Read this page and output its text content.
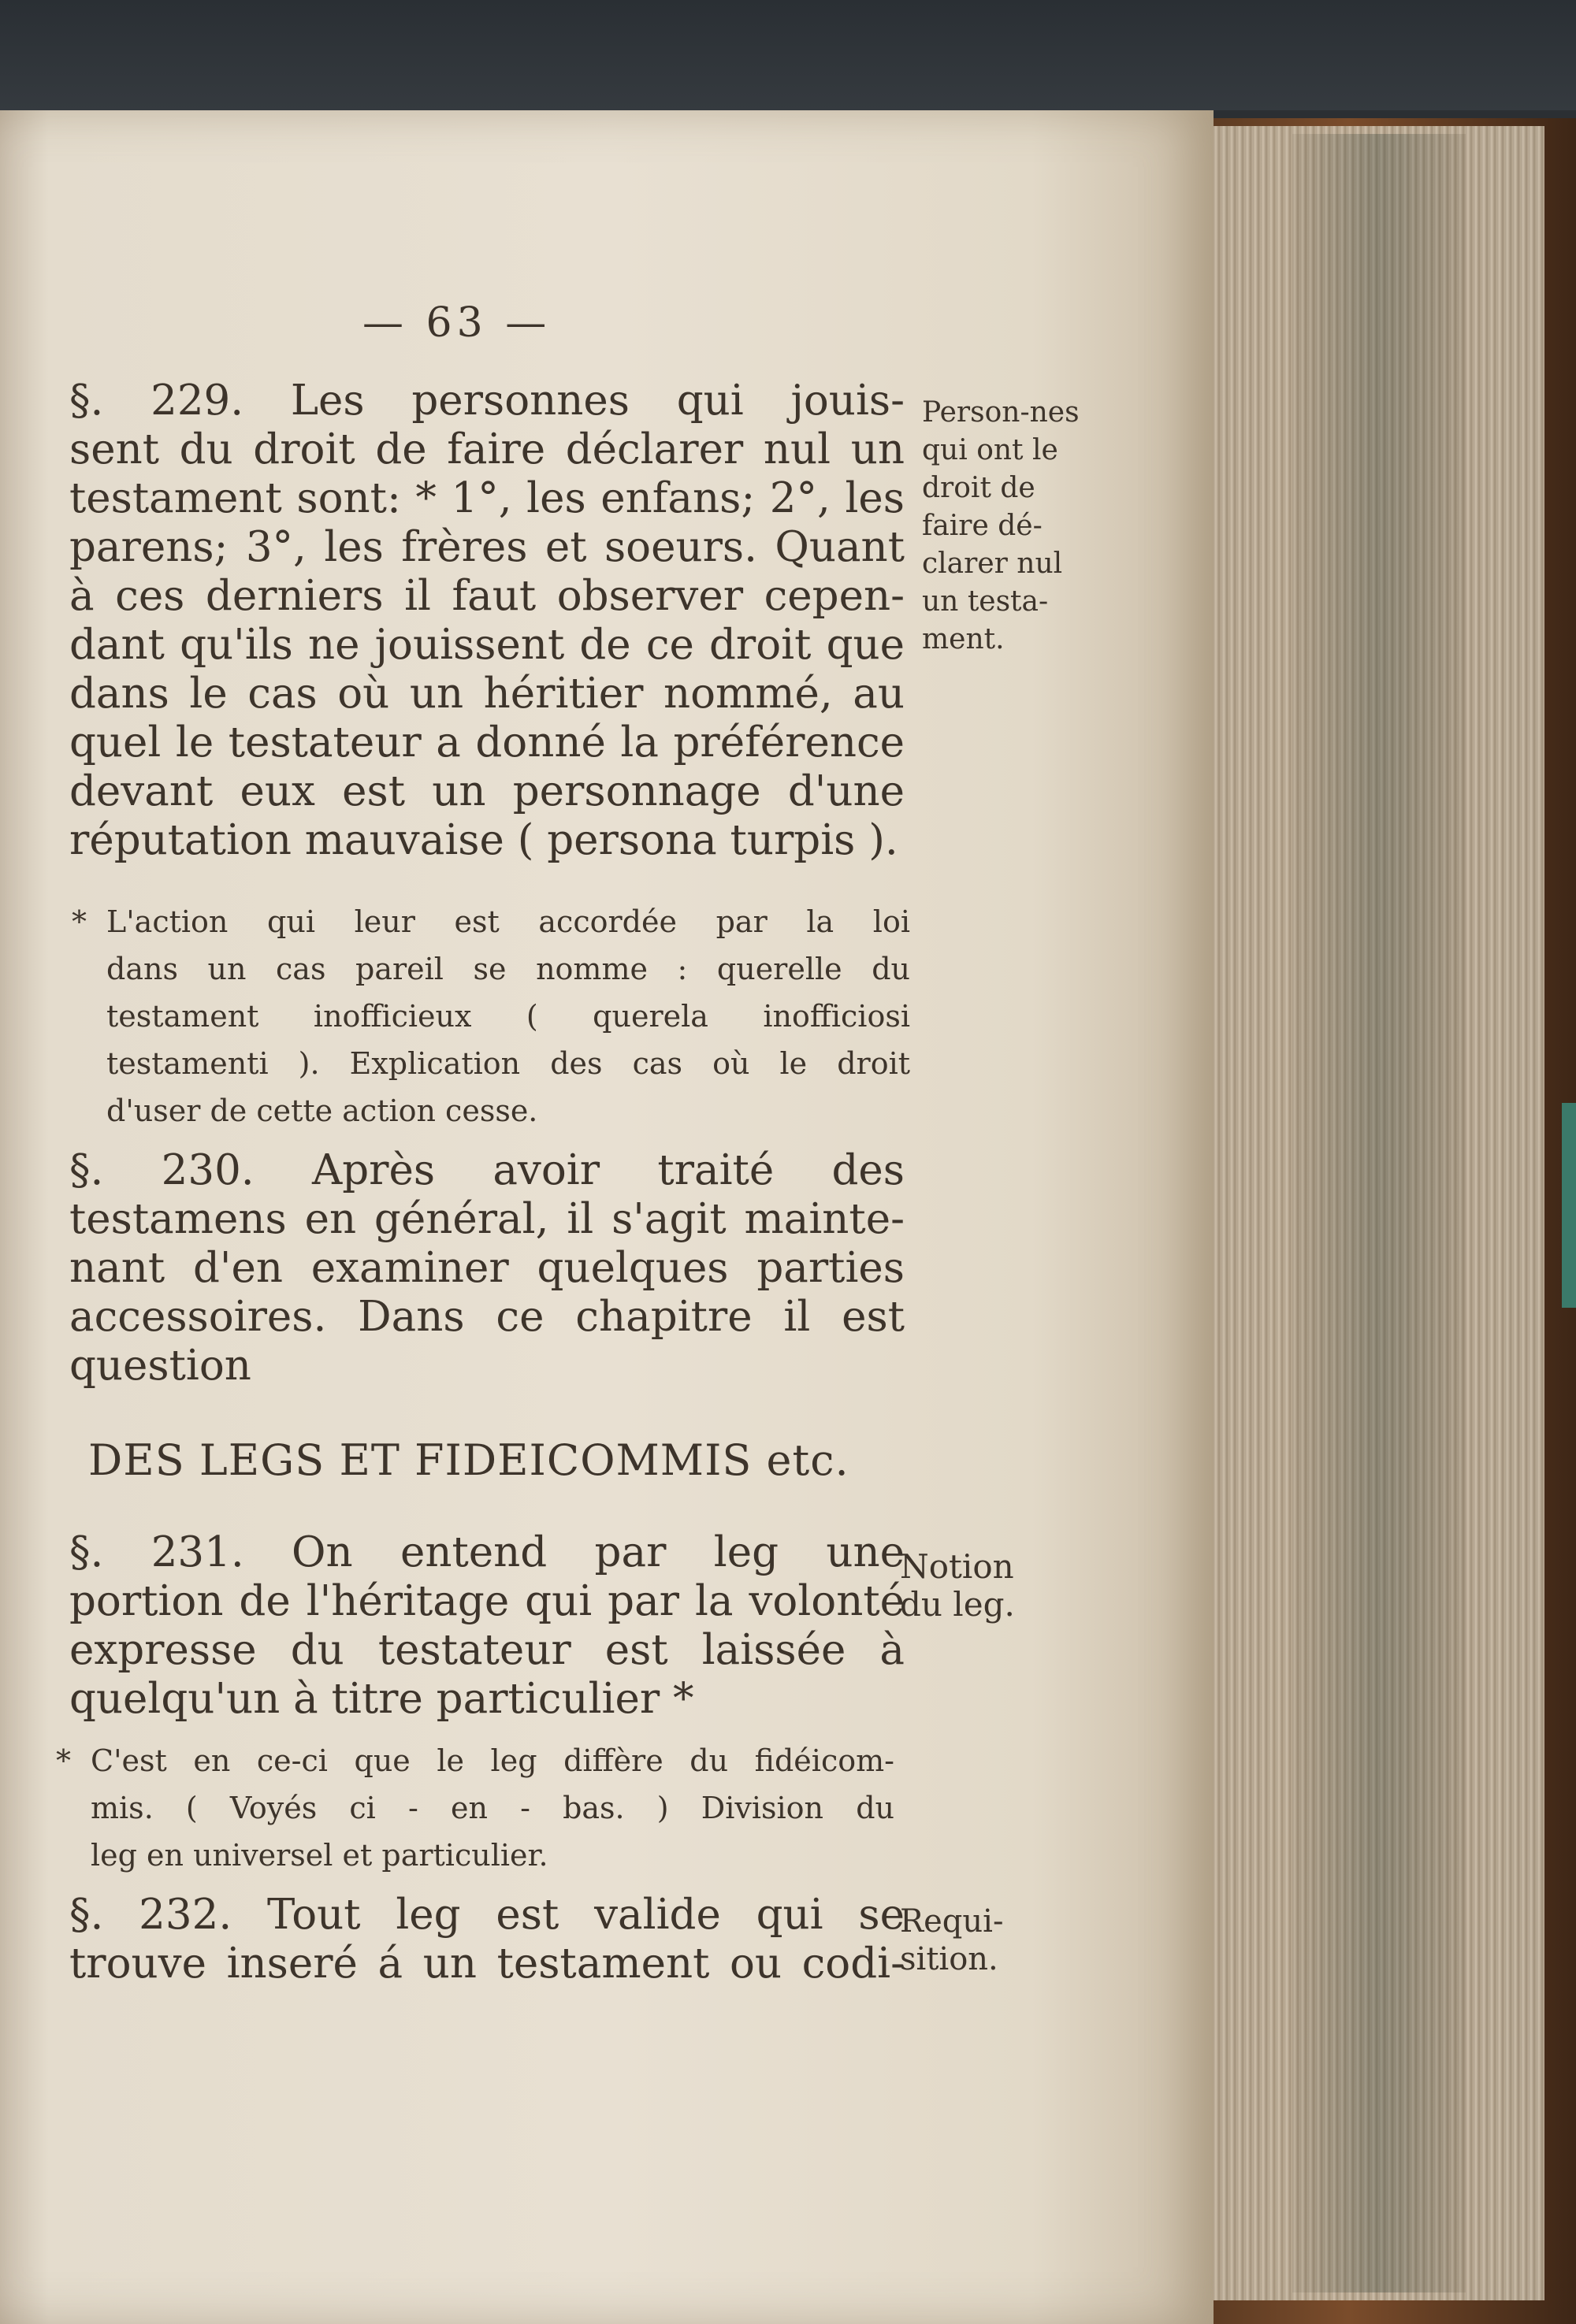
— 63 —
§. 229. Les personnes qui jouis-
sent du droit de faire déclarer nul un
testament sont: * 1°, les enfans; 2°, les
parens; 3°, les frères et soeurs. Quant
à ces derniers il faut observer cepen-
dant qu'ils ne jouissent de ce droit que
dans le cas où un héritier nommé, au
quel le testateur a donné la préférence
devant eux est un personnage d'une
réputation mauvaise ( persona turpis ).
Person-nes qui ont le droit de faire dé-clarer nul un testa-ment.
* L'action qui leur est accordée par la loi
dans un cas pareil se nomme : querelle du
testament inofficieux ( querela inofficiosi
testamenti ). Explication des cas où le droit
d'user de cette action cesse.
§. 230. Après avoir traité des
testamens en général, il s'agit mainte-
nant d'en examiner quelques parties
accessoires. Dans ce chapitre il est
question
DES LEGS ET FIDEICOMMIS etc.
§. 231. On entend par leg une
portion de l'héritage qui par la volonté
expresse du testateur est laissée à
quelqu'un à titre particulier *
Notion du leg.
* C'est en ce-ci que le leg diffère du fidéicom-
mis. ( Voyés ci - en - bas. ) Division du
leg en universel et particulier.
§. 232. Tout leg est valide qui se
trouve inseré á un testament ou codi-
Requi-sition.
